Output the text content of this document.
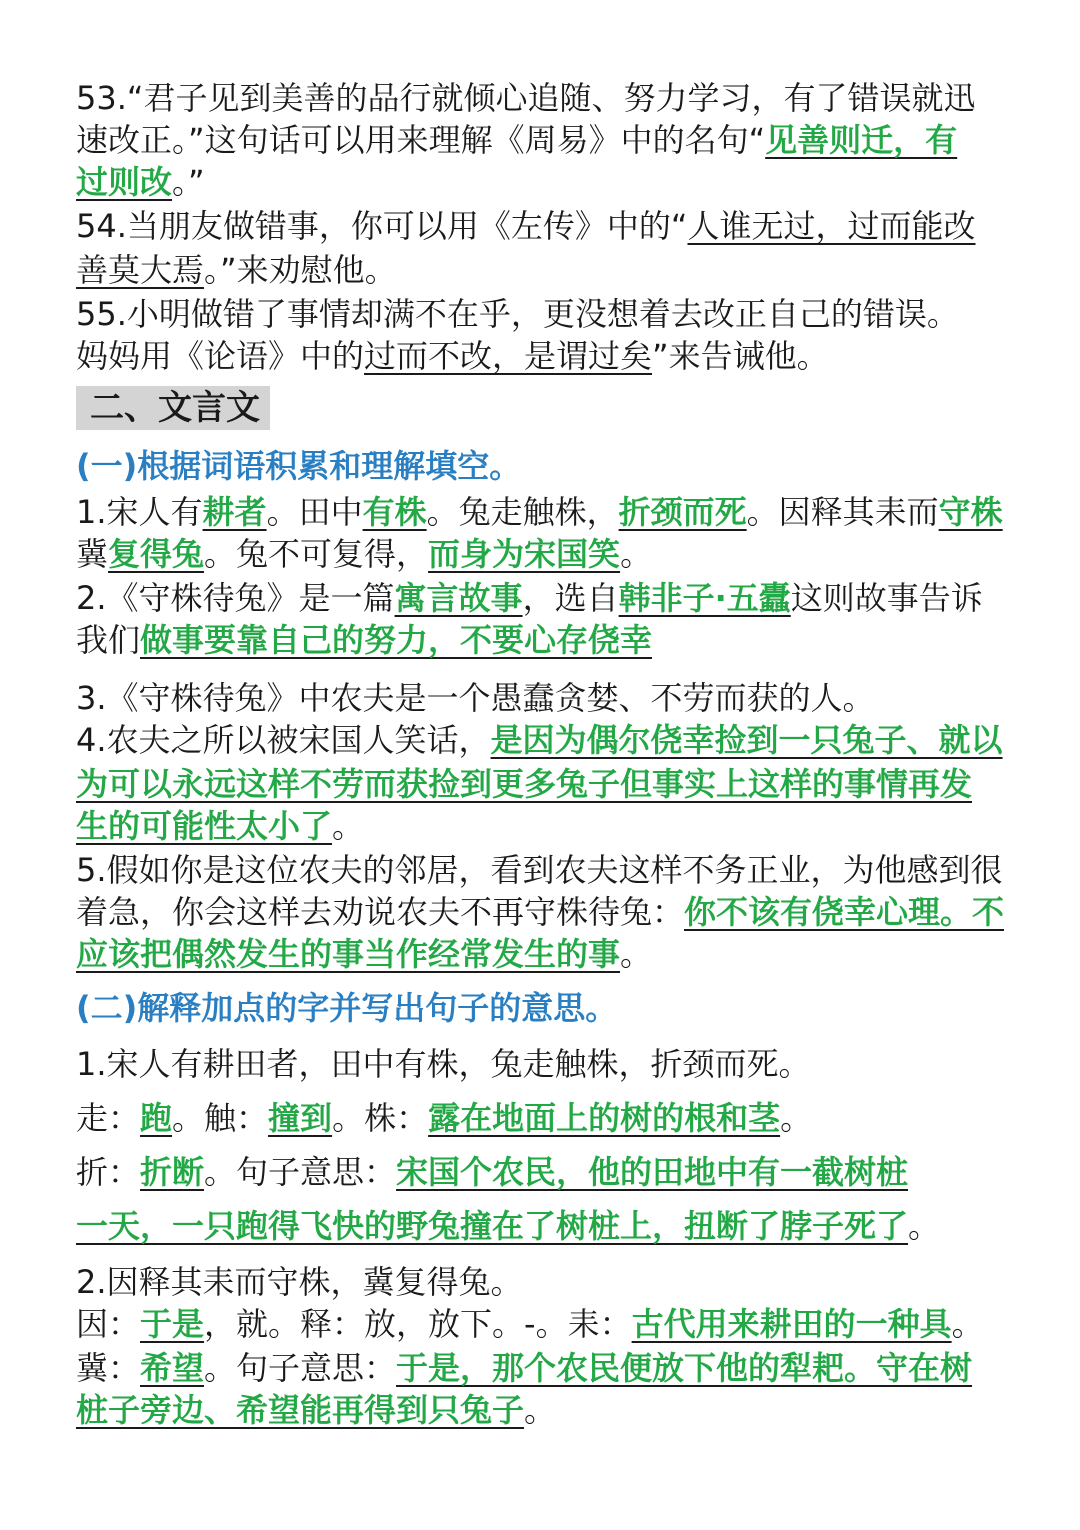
53.“君子见到美善的品行就倾心追随、努力学习，有了错误就迅
速改正。”这句话可以用来理解《周易》中的名句“见善则迁，有
过则改。”
54.当朋友做错事，你可以用《左传》中的“人谁无过，过而能改
善莫大焉。”来劝慰他。
55.小明做错了事情却满不在乎，更没想着去改正自己的错误。
妈妈用《论语》中的过而不改，是谓过矣”来告诫他。
二、文言文
(一)根据词语积累和理解填空。
1.宋人有耕者。田中有株。兔走触株，折颈而死。因释其耒而守株
冀复得兔。兔不可复得，而身为宋国笑。
2.《守株待兔》是一篇寓言故事，选自韩非子·五蠹这则故事告诉
我们做事要靠自己的努力，不要心存侥幸
3.《守株待兔》中农夫是一个愚蠢贪婪、不劳而获的人。
4.农夫之所以被宋国人笑话，是因为偶尔侥幸捡到一只兔子、就以
为可以永远这样不劳而获捡到更多兔子但事实上这样的事情再发
生的可能性太小了。
5.假如你是这位农夫的邻居，看到农夫这样不务正业，为他感到很
着急，你会这样去劝说农夫不再守株待兔：你不该有侥幸心理。不
应该把偶然发生的事当作经常发生的事。
(二)解释加点的字并写出句子的意思。
1.宋人有耕田者，田中有株，兔走触株，折颈而死。
走：跑。触：撞到。株：露在地面上的树的根和茎。
折：折断。句子意思：宋国个农民，他的田地中有一截树桩
一天，一只跑得飞快的野兔撞在了树桩上，扭断了脖子死了。
2.因释其耒而守株，冀复得兔。
因：于是，就。释：放，放下。-。耒：古代用来耕田的一种具。
冀：希望。句子意思：于是，那个农民便放下他的犁耙。守在树
桩子旁边、希望能再得到只兔子。
